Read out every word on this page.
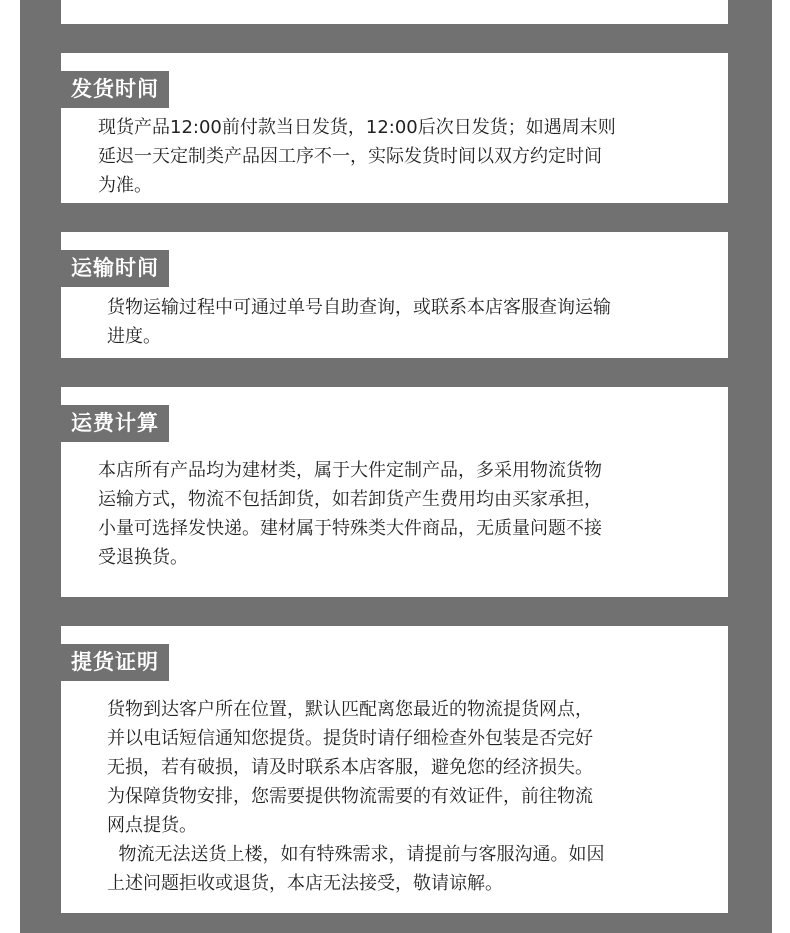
发货时间

现货产品12:00前付款当日发货，12:00后次日发货；如遇周末则
延迟一天定制类产品因工序不一，实际发货时间以双方约定时间
为准。

运输时间

货物运输过程中可通过单号自助查询，或联系本店客服查询运输
进度。

运费计算

本店所有产品均为建材类，属于大件定制产品，多采用物流货物
运输方式，物流不包括卸货，如若卸货产生费用均由买家承担，
小量可选择发快递。建材属于特殊类大件商品，无质量问题不接
受退换货。

提货证明

货物到达客户所在位置，默认匹配离您最近的物流提货网点，
并以电话短信通知您提货。提货时请仔细检查外包装是否完好
无损，若有破损，请及时联系本店客服，避免您的经济损失。
为保障货物安排，您需要提供物流需要的有效证件，前往物流
网点提货。
物流无法送货上楼，如有特殊需求，请提前与客服沟通。如因
上述问题拒收或退货，本店无法接受，敬请谅解。
